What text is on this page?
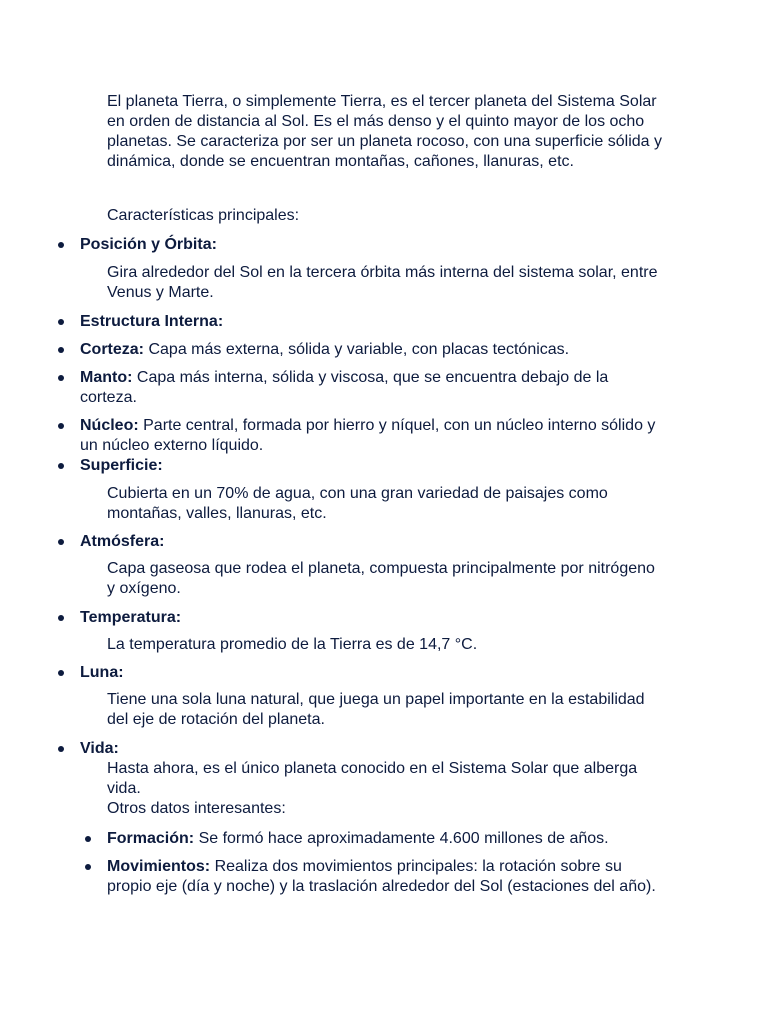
El planeta Tierra, o simplemente Tierra, es el tercer planeta del Sistema Solar en orden de distancia al Sol. Es el más denso y el quinto mayor de los ocho planetas. Se caracteriza por ser un planeta rocoso, con una superficie sólida y dinámica, donde se encuentran montañas, cañones, llanuras, etc.

Características principales:

Posición y Órbita:

Gira alrededor del Sol en la tercera órbita más interna del sistema solar, entre Venus y Marte.

Estructura Interna:

Corteza: Capa más externa, sólida y variable, con placas tectónicas.

Manto: Capa más interna, sólida y viscosa, que se encuentra debajo de la corteza.

Núcleo: Parte central, formada por hierro y níquel, con un núcleo interno sólido y un núcleo externo líquido.

Superficie:

Cubierta en un 70% de agua, con una gran variedad de paisajes como montañas, valles, llanuras, etc.

Atmósfera:

Capa gaseosa que rodea el planeta, compuesta principalmente por nitrógeno y oxígeno.

Temperatura:

La temperatura promedio de la Tierra es de 14,7 °C.

Luna:

Tiene una sola luna natural, que juega un papel importante en la estabilidad del eje de rotación del planeta.

Vida:

Hasta ahora, es el único planeta conocido en el Sistema Solar que alberga vida.

Otros datos interesantes:

Formación: Se formó hace aproximadamente 4.600 millones de años.

Movimientos: Realiza dos movimientos principales: la rotación sobre su propio eje (día y noche) y la traslación alrededor del Sol (estaciones del año).
